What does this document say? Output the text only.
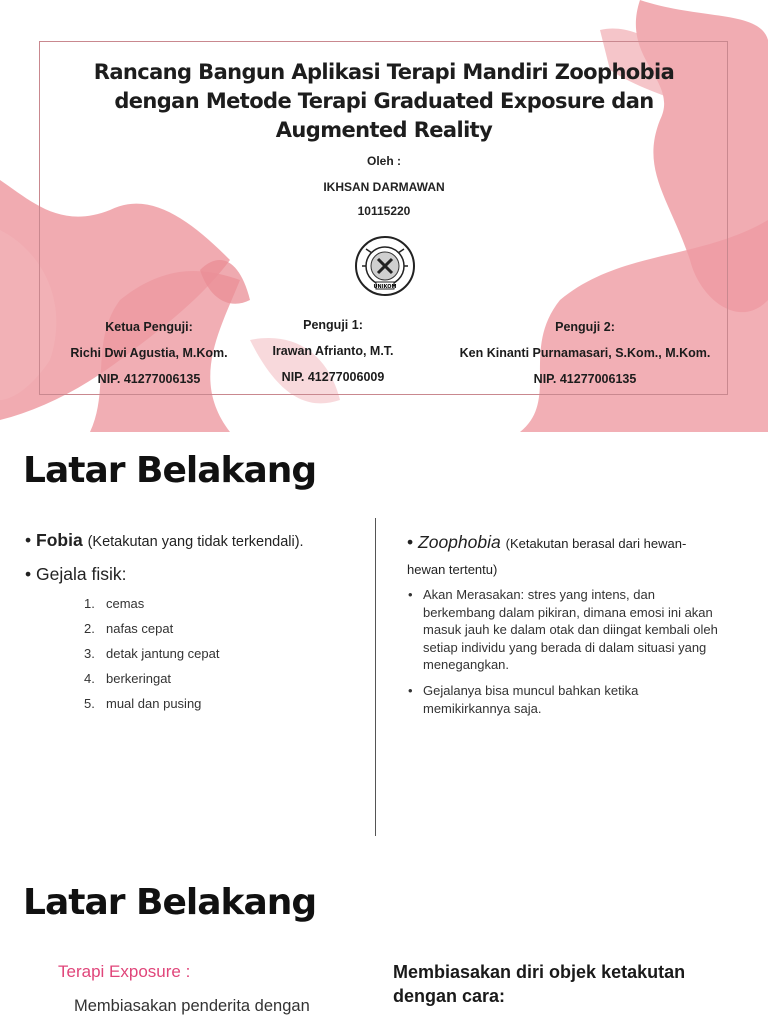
Rancang Bangun Aplikasi Terapi Mandiri Zoophobia dengan Metode Terapi Graduated Exposure dan Augmented Reality
Oleh :
IKHSAN DARMAWAN
10115220
UNIKOM
Ketua Penguji:
Richi Dwi Agustia, M.Kom.
NIP. 41277006135
Penguji 1:
Irawan Afrianto, M.T.
NIP. 41277006009
Penguji 2:
Ken Kinanti Purnamasari, S.Kom., M.Kom.
NIP. 41277006135
Latar Belakang
• Fobia (Ketakutan yang tidak terkendali).
• Gejala fisik:
1. cemas
2. nafas cepat
3. detak jantung cepat
4. berkeringat
5. mual dan pusing
• Zoophobia (Ketakutan berasal dari hewan-
hewan tertentu)
• Akan Merasakan: stres yang intens, dan berkembang dalam pikiran, dimana emosi ini akan masuk jauh ke dalam otak dan diingat kembali oleh setiap individu yang berada di dalam situasi yang menegangkan.
• Gejalanya bisa muncul bahkan ketika memikirkannya saja.
Latar Belakang
Terapi Exposure :
Membiasakan penderita dengan
Membiasakan diri objek ketakutan dengan cara:
